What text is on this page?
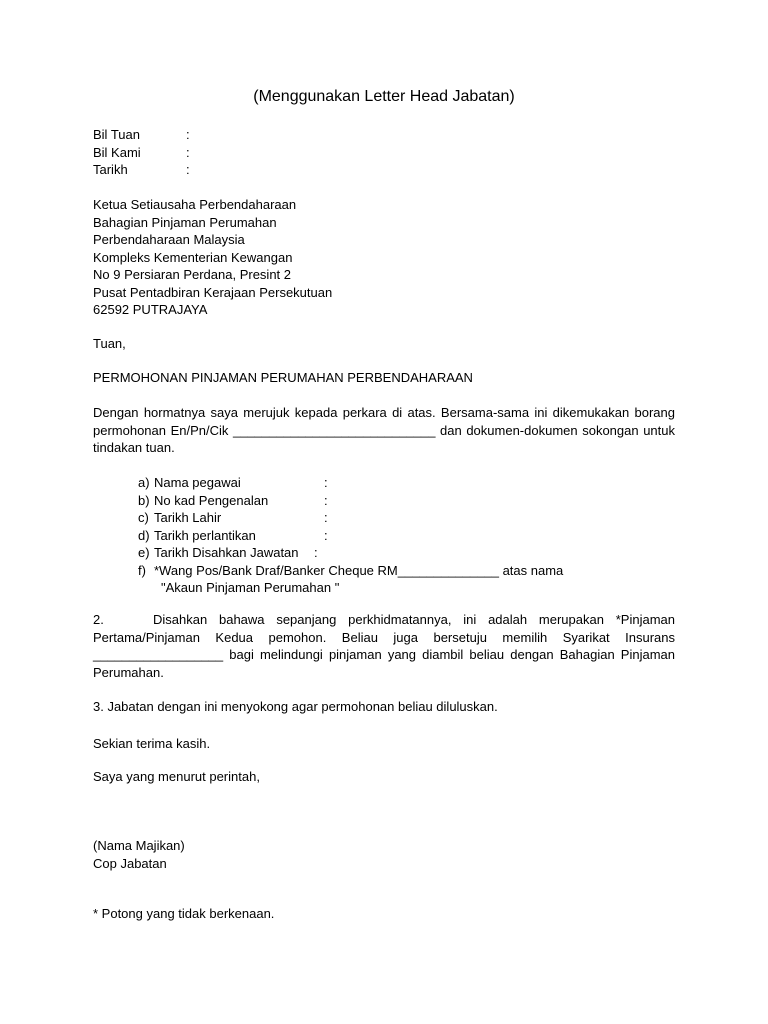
(Menggunakan Letter Head Jabatan)
Bil Tuan	:
Bil Kami	:
Tarikh	:
Ketua Setiausaha Perbendaharaan
Bahagian Pinjaman Perumahan
Perbendaharaan Malaysia
Kompleks Kementerian Kewangan
No 9 Persiaran Perdana, Presint 2
Pusat Pentadbiran Kerajaan Persekutuan
62592 PUTRAJAYA
Tuan,
PERMOHONAN PINJAMAN PERUMAHAN PERBENDAHARAAN
Dengan hormatnya saya merujuk kepada perkara di atas. Bersama-sama ini dikemukakan borang permohonan En/Pn/Cik ____________________________ dan dokumen-dokumen sokongan untuk tindakan tuan.
a) Nama pegawai	:
b) No kad Pengenalan	:
c) Tarikh Lahir	:
d) Tarikh perlantikan	:
e) Tarikh Disahkan Jawatan :
f) *Wang Pos/Bank Draf/Banker Cheque RM______________ atas nama
"Akaun Pinjaman Perumahan "
2.	Disahkan bahawa sepanjang perkhidmatannya, ini adalah merupakan *Pinjaman Pertama/Pinjaman Kedua pemohon. Beliau juga bersetuju memilih Syarikat Insurans __________________ bagi melindungi pinjaman yang diambil beliau dengan Bahagian Pinjaman Perumahan.
3. Jabatan dengan ini menyokong agar permohonan beliau diluluskan.
Sekian terima kasih.
Saya yang menurut perintah,
(Nama Majikan)
Cop Jabatan
* Potong yang tidak berkenaan.
